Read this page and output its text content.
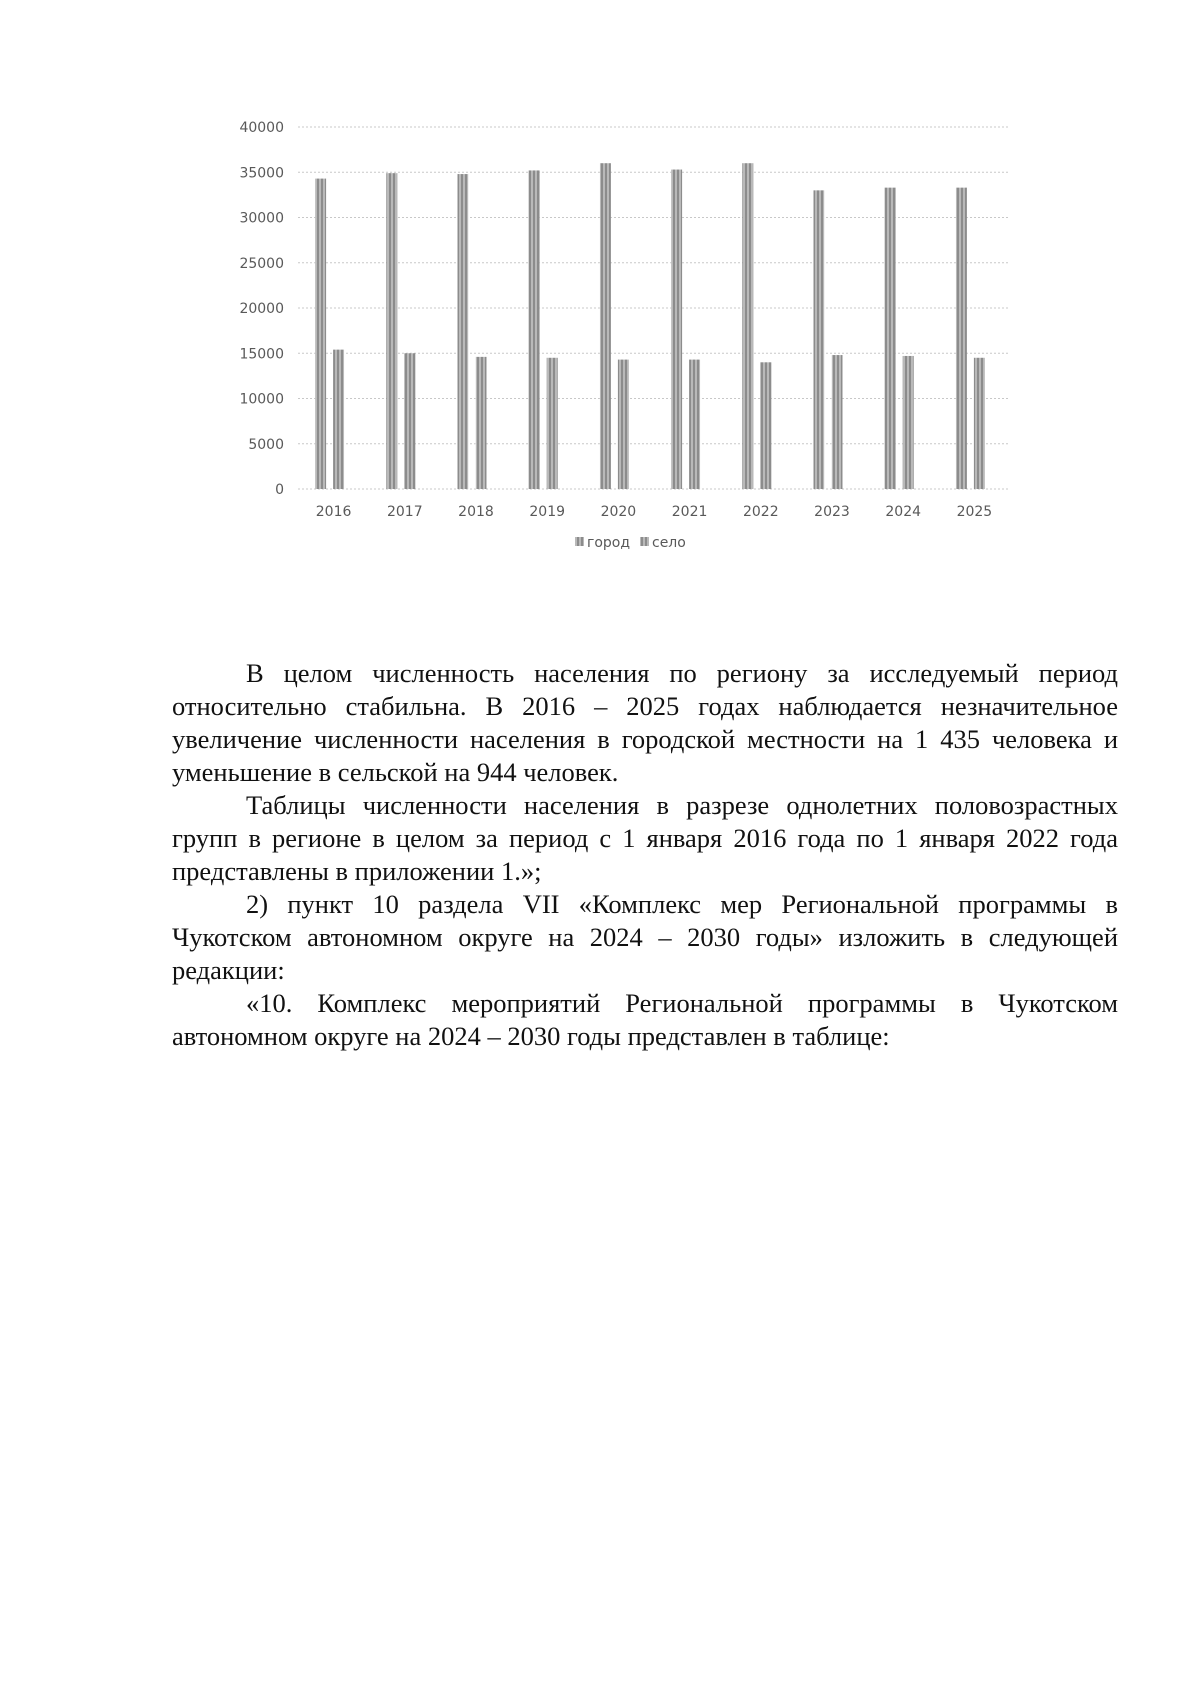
0
5000
10000
15000
20000
25000
30000
35000
40000
2016	2017	2018	2019	2020	2021	2022	2023	2024	2025
город село

В целом численность населения по региону за исследуемый период относительно стабильна. В 2016 – 2025 годах наблюдается незначительное увеличение численности населения в городской местности на 1 435 человека и уменьшение в сельской на 944 человек.

Таблицы численности населения в разрезе однолетних половозрастных групп в регионе в целом за период с 1 января 2016 года по 1 января 2022 года представлены в приложении 1.»;

2) пункт 10 раздела VII «Комплекс мер Региональной программы в Чукотском автономном округе на 2024 – 2030 годы» изложить в следующей редакции:

«10. Комплекс мероприятий Региональной программы в Чукотском автономном округе на 2024 – 2030 годы представлен в таблице:
